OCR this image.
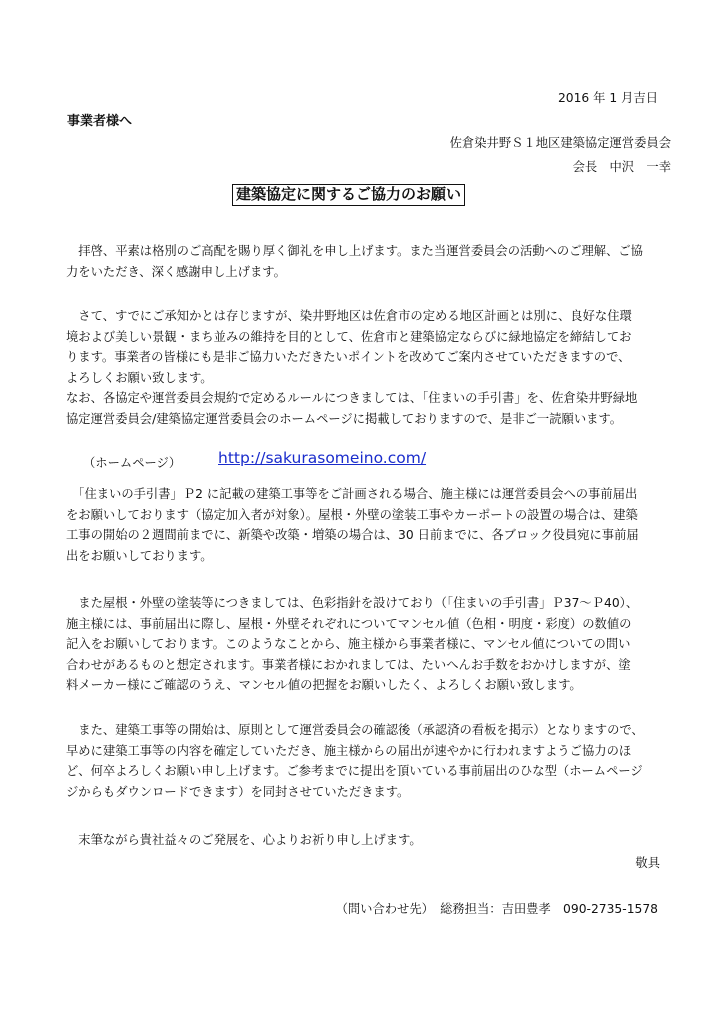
2016 年 1 月吉日
事業者様へ
佐倉染井野Ｓ１地区建築協定運営委員会
会長　中沢　一幸
建築協定に関するご協力のお願い
　拝啓、平素は格別のご高配を賜り厚く御礼を申し上げます。また当運営委員会の活動へのご理解、ご協
力をいただき、深く感謝申し上げます。
　さて、すでにご承知かとは存じますが、染井野地区は佐倉市の定める地区計画とは別に、良好な住環
境および美しい景観・まち並みの維持を目的として、佐倉市と建築協定ならびに緑地協定を締結してお
ります。事業者の皆様にも是非ご協力いただきたいポイントを改めてご案内させていただきますので、
よろしくお願い致します。
なお、各協定や運営委員会規約で定めるルールにつきましては、「住まいの手引書」を、佐倉染井野緑地
協定運営委員会/建築協定運営委員会のホームページに掲載しておりますので、是非ご一読願います。
（ホームページ） http://sakurasomeino.com/
　「住まいの手引書」Ｐ2 に記載の建築工事等をご計画される場合、施主様には運営委員会への事前届出
をお願いしております（協定加入者が対象）。屋根・外壁の塗装工事やカーポートの設置の場合は、建築
工事の開始の２週間前までに、新築や改築・増築の場合は、30 日前までに、各ブロック役員宛に事前届
出をお願いしております。
　また屋根・外壁の塗装等につきましては、色彩指針を設けており（「住まいの手引書」Ｐ37～Ｐ40）、
施主様には、事前届出に際し、屋根・外壁それぞれについてマンセル値（色相・明度・彩度）の数値の
記入をお願いしております。このようなことから、施主様から事業者様に、マンセル値についての問い
合わせがあるものと想定されます。事業者様におかれましては、たいへんお手数をおかけしますが、塗
料メーカー様にご確認のうえ、マンセル値の把握をお願いしたく、よろしくお願い致します。
　また、建築工事等の開始は、原則として運営委員会の確認後（承認済の看板を掲示）となりますので、
早めに建築工事等の内容を確定していただき、施主様からの届出が速やかに行われますようご協力のほ
ど、何卒よろしくお願い申し上げます。ご参考までに提出を頂いている事前届出のひな型（ホームページ
ジからもダウンロードできます）を同封させていただきます。
　末筆ながら貴社益々のご発展を、心よりお祈り申し上げます。
敬具
（問い合わせ先）　総務担当：吉田豊孝　090-2735-1578
